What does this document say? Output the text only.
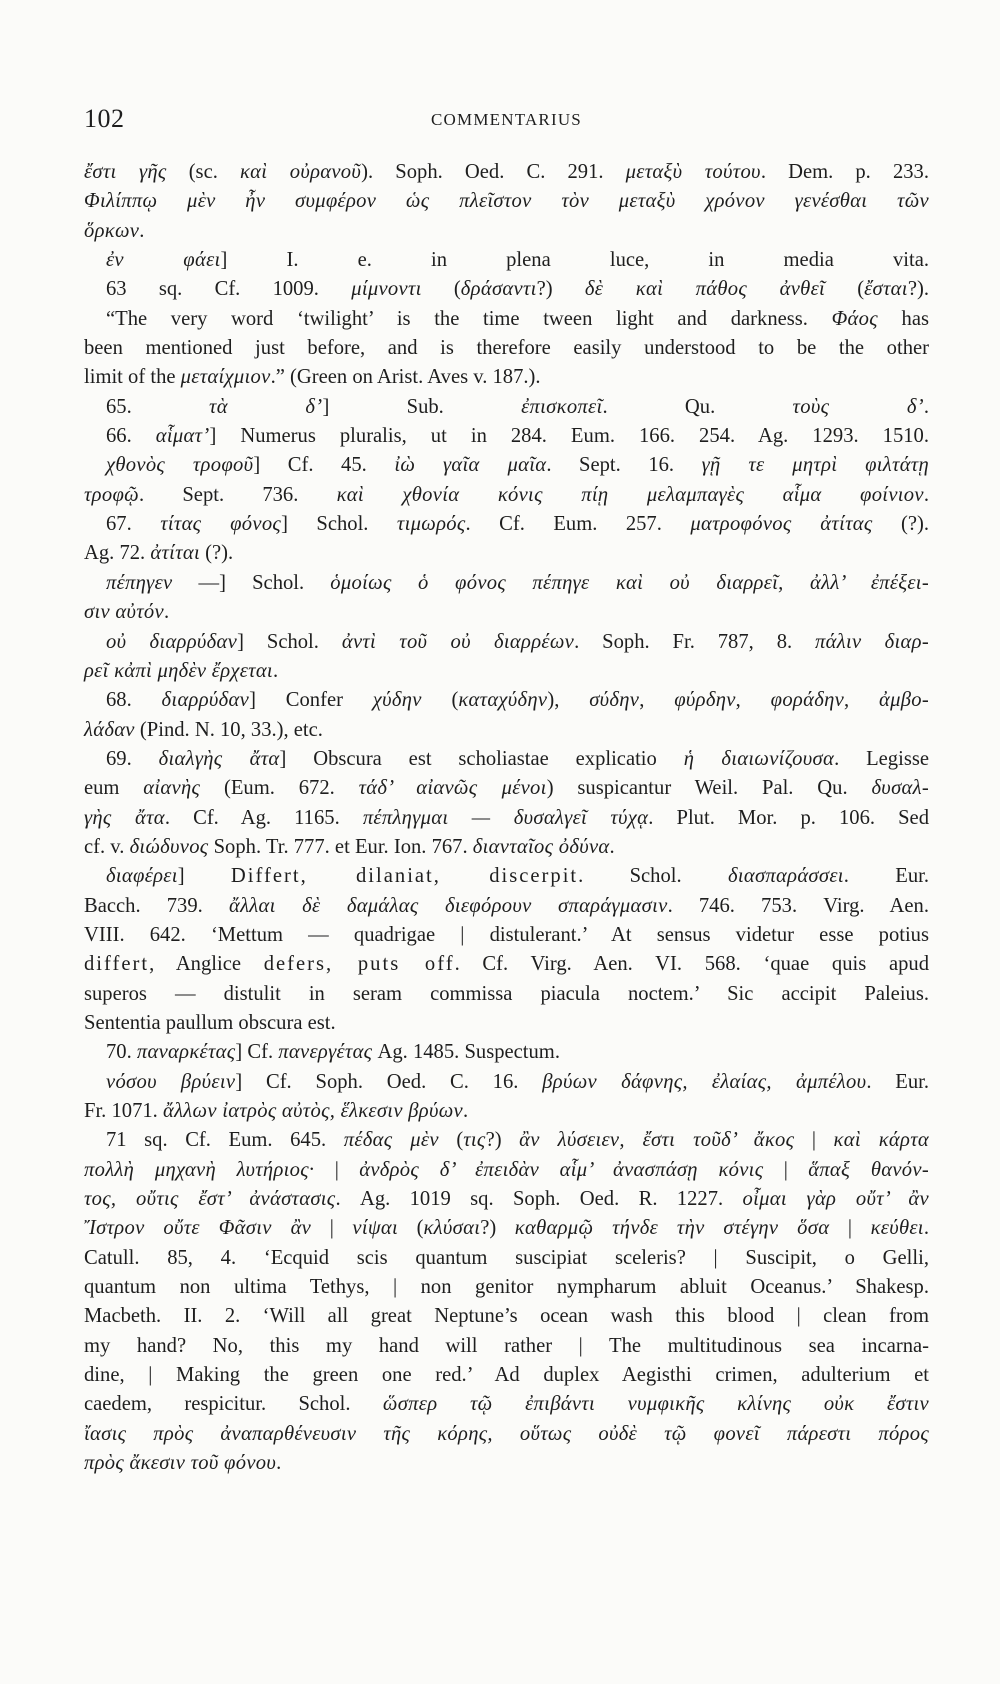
102	COMMENTARIUS
ἔστι γῆς (sc. καὶ οὐρανοῦ). Soph. Oed. C. 291. μεταξὺ τούτου. Dem. p. 233.
Φιλίππῳ μὲν ἦν συμφέρον ὡς πλεῖστον τὸν μεταξὺ χρόνον γενέσθαι τῶν
ὅρκων.
ἐν φάει] I. e. in plena luce, in media vita.
63 sq. Cf. 1009. μίμνοντι (δράσαντι?) δὲ καὶ πάθος ἀνθεῖ (ἔσται?).
“The very word ‘twilight’ is the time tween light and darkness. Φάος has
been mentioned just before, and is therefore easily understood to be the other
limit of the μεταίχμιον.” (Green on Arist. Aves v. 187.).
65. τὰ δ’] Sub. ἐπισκοπεῖ. Qu. τοὺς δ’.
66. αἷματ’] Numerus pluralis, ut in 284. Eum. 166. 254. Ag. 1293. 1510.
χθονὸς τροφοῦ] Cf. 45. ἰὼ γαῖα μαῖα. Sept. 16. γῇ τε μητρὶ φιλτάτῃ
τροφῷ. Sept. 736. καὶ χθονία κόνις πίῃ μελαμπαγὲς αἷμα φοίνιον.
67. τίτας φόνος] Schol. τιμωρός. Cf. Eum. 257. ματροφόνος ἀτίτας (?).
Ag. 72. ἀτίται (?).
πέπηγεν —] Schol. ὁμοίως ὁ φόνος πέπηγε καὶ οὐ διαρρεῖ, ἀλλ’ ἐπέξει-
σιν αὐτόν.
οὐ διαρρύδαν] Schol. ἀντὶ τοῦ οὐ διαρρέων. Soph. Fr. 787, 8. πάλιν διαρ-
ρεῖ κἀπὶ μηδὲν ἔρχεται.
68. διαρρύδαν] Confer χύδην (καταχύδην), σύδην, φύρδην, φοράδην, ἀμβο-
λάδαν (Pind. N. 10, 33.), etc.
69. διαλγὴς ἄτα] Obscura est scholiastae explicatio ἡ διαιωνίζουσα. Legisse
eum αἰανὴς (Eum. 672. τάδ’ αἰανῶς μένοι) suspicantur Weil. Pal. Qu. δυσαλ-
γὴς ἄτα. Cf. Ag. 1165. πέπληγμαι — δυσαλγεῖ τύχᾳ. Plut. Mor. p. 106. Sed
cf. v. διώδυνος Soph. Tr. 777. et Eur. Ion. 767. διανταῖος ὀδύνα.
διαφέρει] Differt, dilaniat, discerpit. Schol. διασπαράσσει. Eur.
Bacch. 739. ἄλλαι δὲ δαμάλας διεφόρουν σπαράγμασιν. 746. 753. Virg. Aen.
VIII. 642. ‘Mettum — quadrigae | distulerant.’ At sensus videtur esse potius
differt, Anglice defers, puts off. Cf. Virg. Aen. VI. 568. ‘quae quis apud
superos — distulit in seram commissa piacula noctem.’ Sic accipit Paleius.
Sententia paullum obscura est.
70. παναρκέτας] Cf. πανεργέτας Ag. 1485. Suspectum.
νόσου βρύειν] Cf. Soph. Oed. C. 16. βρύων δάφνης, ἐλαίας, ἀμπέλου. Eur.
Fr. 1071. ἄλλων ἰατρὸς αὐτὸς, ἕλκεσιν βρύων.
71 sq. Cf. Eum. 645. πέδας μὲν (τις?) ἂν λύσειεν, ἔστι τοῦδ’ ἄκος | καὶ κάρτα
πολλὴ μηχανὴ λυτήριος· | ἀνδρὸς δ’ ἐπειδὰν αἷμ’ ἀνασπάσῃ κόνις | ἅπαξ θανόν-
τος, οὔτις ἔστ’ ἀνάστασις. Ag. 1019 sq. Soph. Oed. R. 1227. οἶμαι γὰρ οὔτ’ ἂν
Ἴστρον οὔτε Φᾶσιν ἂν | νίψαι (κλύσαι?) καθαρμῷ τήνδε τὴν στέγην ὅσα | κεύθει.
Catull. 85, 4. ‘Ecquid scis quantum suscipiat sceleris? | Suscipit, o Gelli,
quantum non ultima Tethys, | non genitor nympharum abluit Oceanus.’ Shakesp.
Macbeth. II. 2. ‘Will all great Neptune’s ocean wash this blood | clean from
my hand? No, this my hand will rather | The multitudinous sea incarna-
dine, | Making the green one red.’ Ad duplex Aegisthi crimen, adulterium et
caedem, respicitur. Schol. ὥσπερ τῷ ἐπιβάντι νυμφικῆς κλίνης οὐκ ἔστιν
ἴασις πρὸς ἀναπαρθένευσιν τῆς κόρης, οὕτως οὐδὲ τῷ φονεῖ πάρεστι πόρος
πρὸς ἄκεσιν τοῦ φόνου.
